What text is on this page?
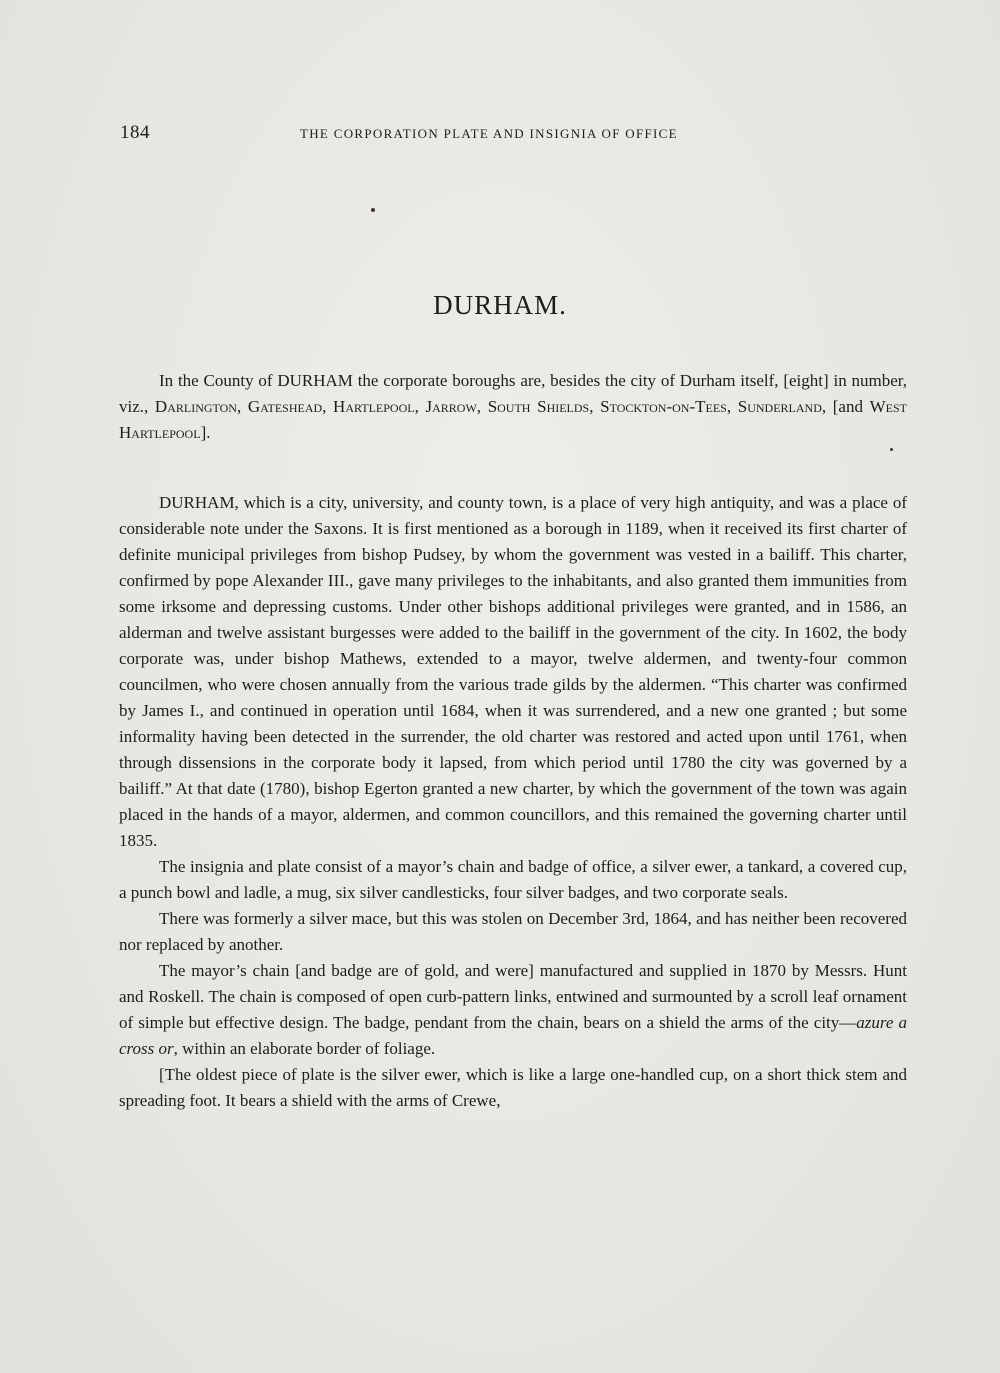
184	THE CORPORATION PLATE AND INSIGNIA OF OFFICE
DURHAM.

In the County of DURHAM the corporate boroughs are, besides the city of Durham itself, [eight] in number, viz., Darlington, Gateshead, Hartlepool, Jarrow, South Shields, Stockton-on-Tees, Sunderland, [and West Hartlepool].

DURHAM, which is a city, university, and county town, is a place of very high antiquity, and was a place of considerable note under the Saxons. It is first mentioned as a borough in 1189, when it received its first charter of definite municipal privileges from bishop Pudsey, by whom the government was vested in a bailiff. This charter, confirmed by pope Alexander III., gave many privileges to the inhabitants, and also granted them immunities from some irksome and depressing customs. Under other bishops additional privileges were granted, and in 1586, an alderman and twelve assistant burgesses were added to the bailiff in the government of the city. In 1602, the body corporate was, under bishop Mathews, extended to a mayor, twelve aldermen, and twenty-four common councilmen, who were chosen annually from the various trade gilds by the aldermen. “This charter was confirmed by James I., and continued in operation until 1684, when it was surrendered, and a new one granted ; but some informality having been detected in the surrender, the old charter was restored and acted upon until 1761, when through dissensions in the corporate body it lapsed, from which period until 1780 the city was governed by a bailiff.” At that date (1780), bishop Egerton granted a new charter, by which the government of the town was again placed in the hands of a mayor, aldermen, and common councillors, and this remained the governing charter until 1835.

The insignia and plate consist of a mayor’s chain and badge of office, a silver ewer, a tankard, a covered cup, a punch bowl and ladle, a mug, six silver candlesticks, four silver badges, and two corporate seals.

There was formerly a silver mace, but this was stolen on December 3rd, 1864, and has neither been recovered nor replaced by another.

The mayor’s chain [and badge are of gold, and were] manufactured and supplied in 1870 by Messrs. Hunt and Roskell. The chain is composed of open curb-pattern links, entwined and surmounted by a scroll leaf ornament of simple but effective design. The badge, pendant from the chain, bears on a shield the arms of the city—azure a cross or, within an elaborate border of foliage.

[The oldest piece of plate is the silver ewer, which is like a large one-handled cup, on a short thick stem and spreading foot. It bears a shield with the arms of Crewe,
